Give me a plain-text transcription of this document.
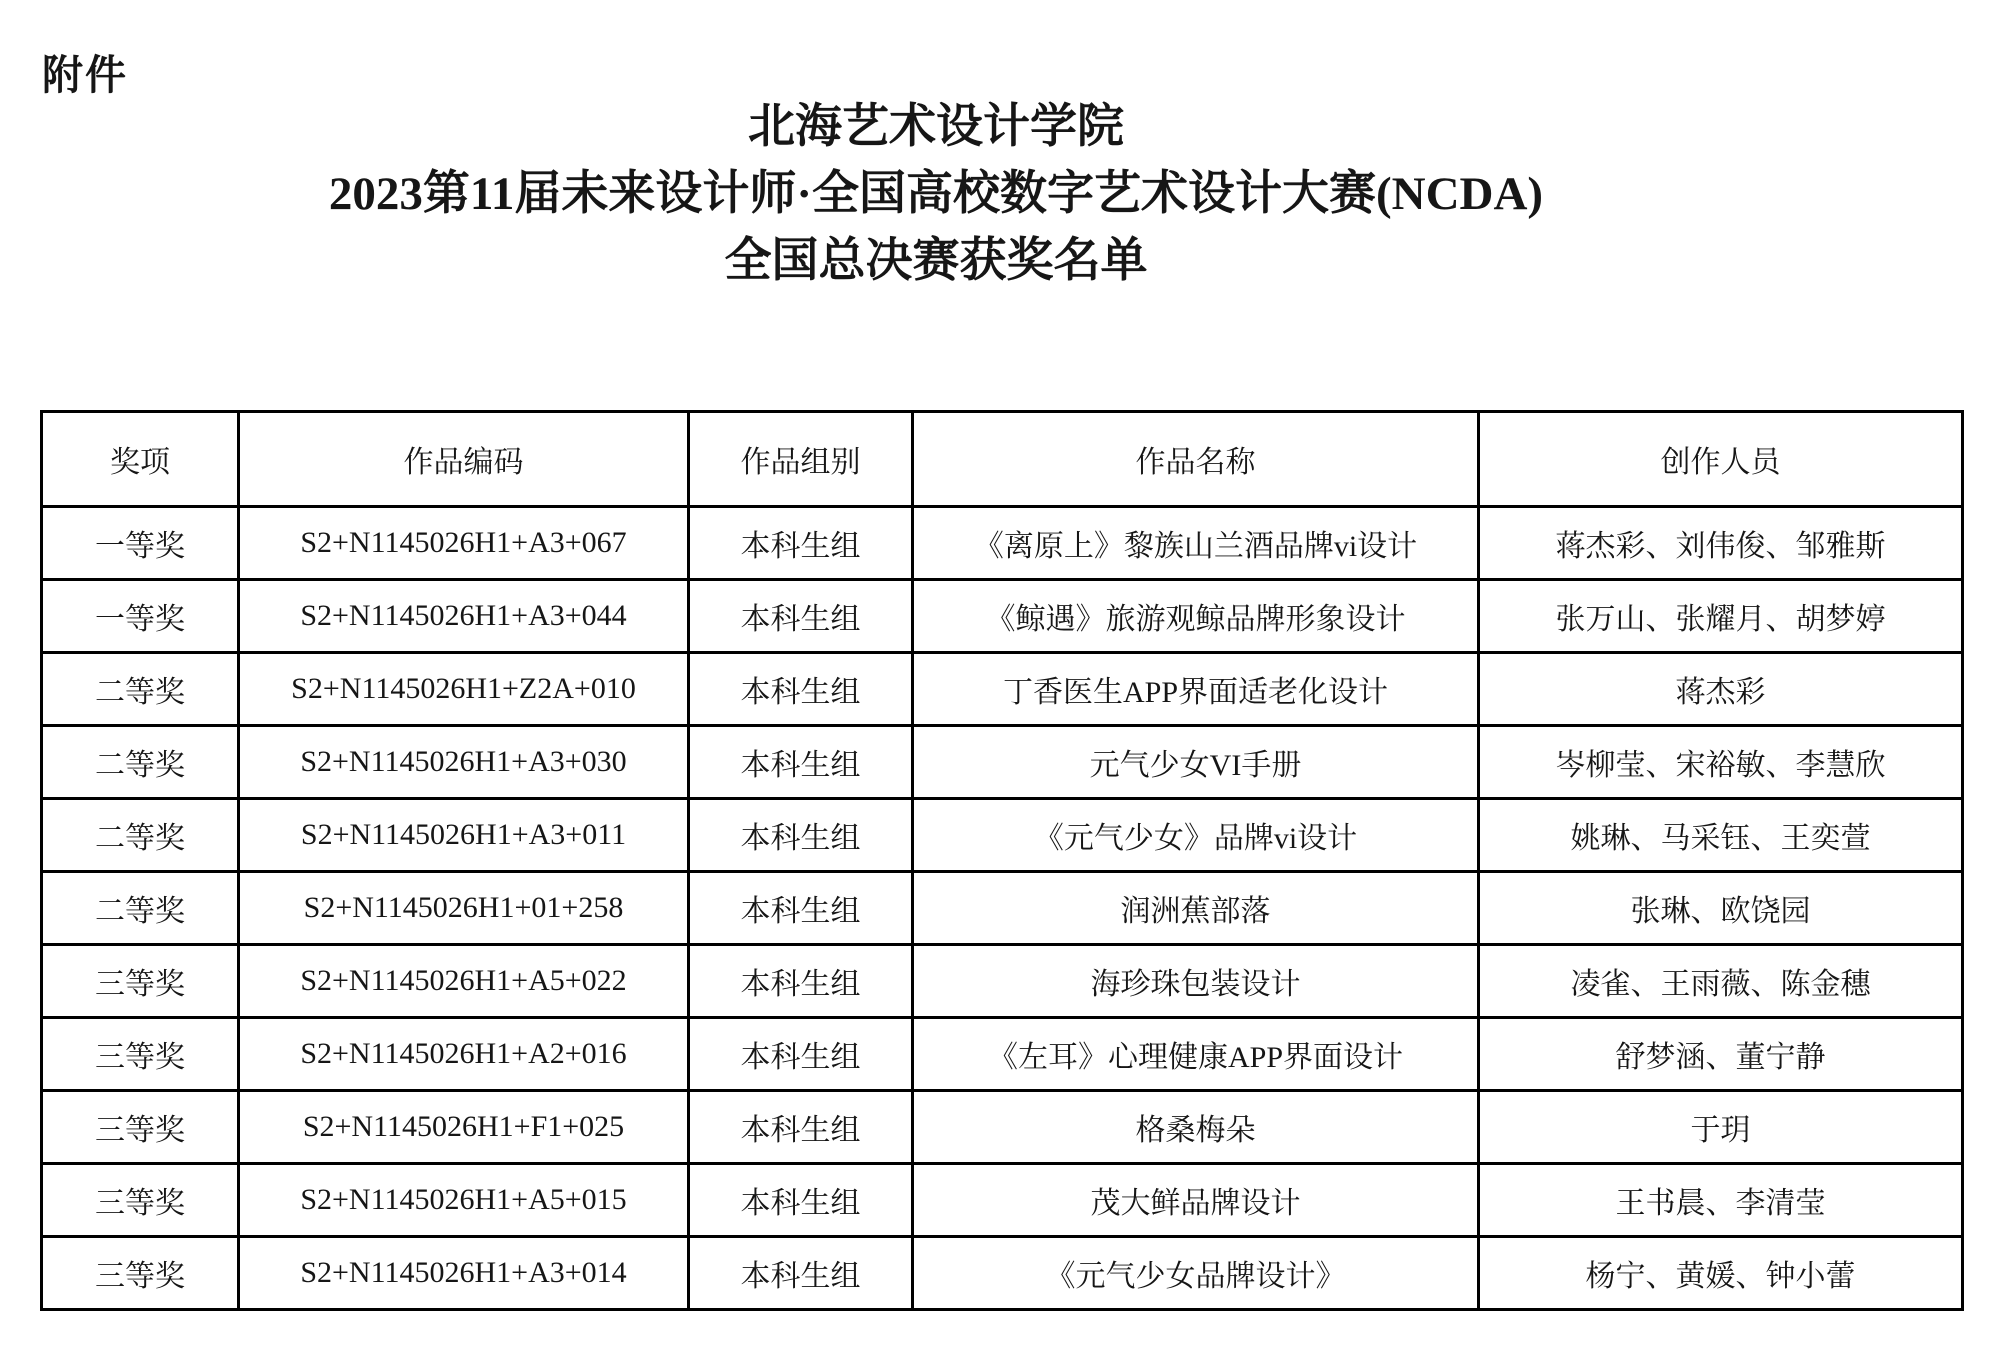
附件
北海艺术设计学院
2023第11届未来设计师·全国高校数字艺术设计大赛(NCDA)
全国总决赛获奖名单
奖项	作品编码	作品组别	作品名称	创作人员
一等奖	S2+N1145026H1+A3+067	本科生组	《离原上》黎族山兰酒品牌vi设计	蒋杰彩、刘伟俊、邹雅斯
一等奖	S2+N1145026H1+A3+044	本科生组	《鲸遇》旅游观鲸品牌形象设计	张万山、张耀月、胡梦婷
二等奖	S2+N1145026H1+Z2A+010	本科生组	丁香医生APP界面适老化设计	蒋杰彩
二等奖	S2+N1145026H1+A3+030	本科生组	元气少女VI手册	岑柳莹、宋裕敏、李慧欣
二等奖	S2+N1145026H1+A3+011	本科生组	《元气少女》品牌vi设计	姚琳、马采钰、王奕萱
二等奖	S2+N1145026H1+01+258	本科生组	润洲蕉部落	张琳、欧饶园
三等奖	S2+N1145026H1+A5+022	本科生组	海珍珠包装设计	凌雀、王雨薇、陈金穗
三等奖	S2+N1145026H1+A2+016	本科生组	《左耳》心理健康APP界面设计	舒梦涵、董宁静
三等奖	S2+N1145026H1+F1+025	本科生组	格桑梅朵	于玥
三等奖	S2+N1145026H1+A5+015	本科生组	茂大鲜品牌设计	王书晨、李清莹
三等奖	S2+N1145026H1+A3+014	本科生组	《元气少女品牌设计》	杨宁、黄媛、钟小蕾
